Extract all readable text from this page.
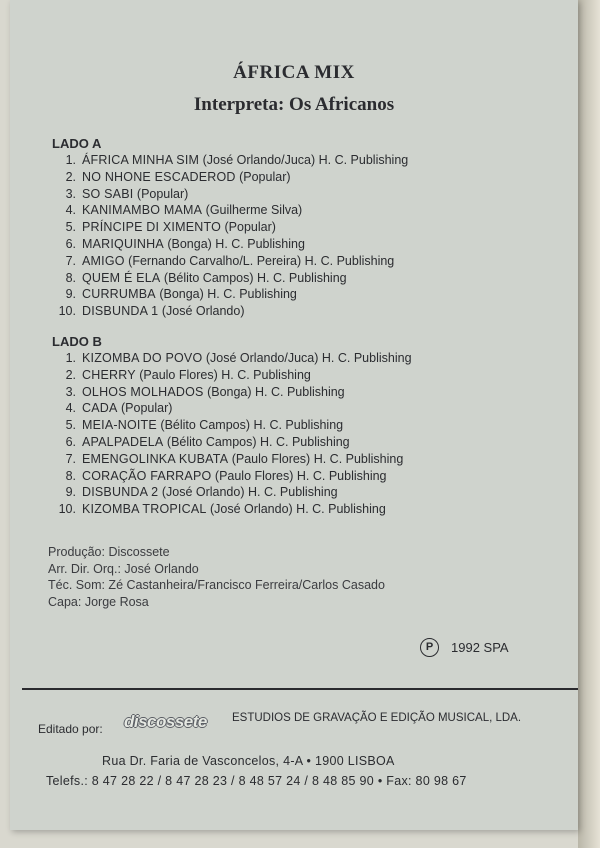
ÁFRICA MIX
Interpreta: Os Africanos
LADO A
1. ÁFRICA MINHA SIM
(José Orlando/Juca) H. C. Publishing
2. NO NHONE ESCADEROD
(Popular)
3. SO SABI
(Popular)
4. KANIMAMBO MAMA
(Guilherme Silva)
5. PRÍNCIPE DI XIMENTO
(Popular)
6. MARIQUINHA
(Bonga) H. C. Publishing
7. AMIGO
(Fernando Carvalho/L. Pereira) H. C. Publishing
8. QUEM É ELA
(Bélito Campos) H. C. Publishing
9. CURRUMBA
(Bonga) H. C. Publishing
10. DISBUNDA 1
(José Orlando)
LADO B
1. KIZOMBA DO POVO
(José Orlando/Juca) H. C. Publishing
2. CHERRY
(Paulo Flores) H. C. Publishing
3. OLHOS MOLHADOS
(Bonga) H. C. Publishing
4. CADA
(Popular)
5. MEIA-NOITE
(Bélito Campos) H. C. Publishing
6. APALPADELA
(Bélito Campos) H. C. Publishing
7. EMENGOLINKA KUBATA
(Paulo Flores) H. C. Publishing
8. CORAÇÃO FARRAPO
(Paulo Flores) H. C. Publishing
9. DISBUNDA 2
(José Orlando) H. C. Publishing
10. KIZOMBA TROPICAL
(José Orlando) H. C. Publishing
Produção: Discossete
Arr. Dir. Orq.: José Orlando
Téc. Som: Zé Castanheira/Francisco Ferreira/Carlos Casado
Capa: Jorge Rosa
P	1992 SPA
Editado por: discossete	ESTUDIOS DE GRAVAÇÃO E EDIÇÃO MUSICAL, LDA.
Rua Dr. Faria de Vasconcelos, 4-A • 1900 LISBOA
Telefs.: 8 47 28 22 / 8 47 28 23 / 8 48 57 24 / 8 48 85 90 • Fax: 80 98 67
